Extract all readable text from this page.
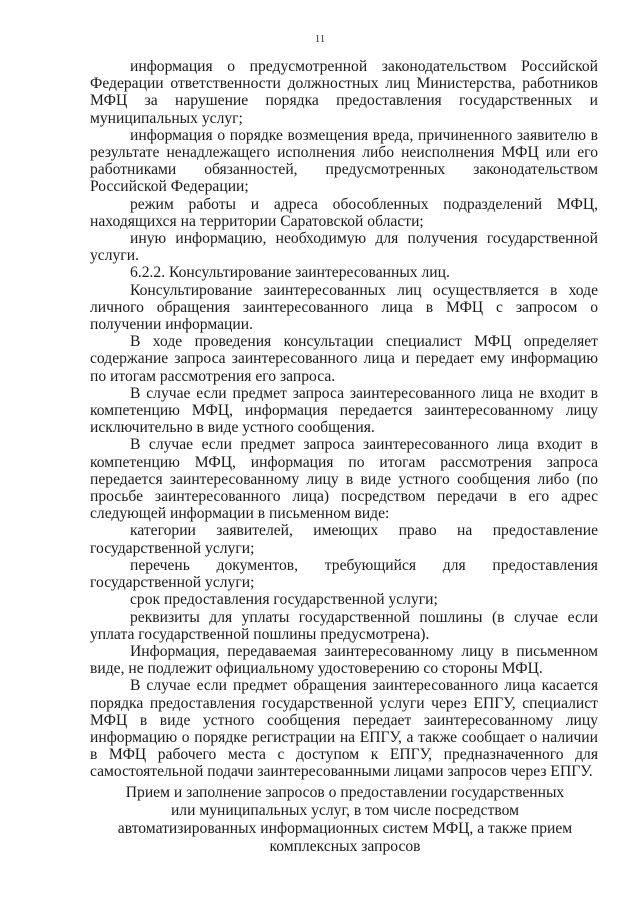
11

информация о предусмотренной законодательством Российской Федерации ответственности должностных лиц Министерства, работников МФЦ за нарушение порядка предоставления государственных и муниципальных услуг;

информация о порядке возмещения вреда, причиненного заявителю в результате ненадлежащего исполнения либо неисполнения МФЦ или его работниками обязанностей, предусмотренных законодательством Российской Федерации;

режим работы и адреса обособленных подразделений МФЦ, находящихся на территории Саратовской области;

иную информацию, необходимую для получения государственной услуги.

6.2.2. Консультирование заинтересованных лиц.

Консультирование заинтересованных лиц осуществляется в ходе личного обращения заинтересованного лица в МФЦ с запросом о получении информации.

В ходе проведения консультации специалист МФЦ определяет содержание запроса заинтересованного лица и передает ему информацию по итогам рассмотрения его запроса.

В случае если предмет запроса заинтересованного лица не входит в компетенцию МФЦ, информация передается заинтересованному лицу исключительно в виде устного сообщения.

В случае если предмет запроса заинтересованного лица входит в компетенцию МФЦ, информация по итогам рассмотрения запроса передается заинтересованному лицу в виде устного сообщения либо (по просьбе заинтересованного лица) посредством передачи в его адрес следующей информации в письменном виде:

категории заявителей, имеющих право на предоставление государственной услуги;

перечень документов, требующийся для предоставления государственной услуги;

срок предоставления государственной услуги;

реквизиты для уплаты государственной пошлины (в случае если уплата государственной пошлины предусмотрена).

Информация, передаваемая заинтересованному лицу в письменном виде, не подлежит официальному удостоверению со стороны МФЦ.

В случае если предмет обращения заинтересованного лица касается порядка предоставления государственной услуги через ЕПГУ, специалист МФЦ в виде устного сообщения передает заинтересованному лицу информацию о порядке регистрации на ЕПГУ, а также сообщает о наличии в МФЦ рабочего места с доступом к ЕПГУ, предназначенного для самостоятельной подачи заинтересованными лицами запросов через ЕПГУ.

Прием и заполнение запросов о предоставлении государственных или муниципальных услуг, в том числе посредством автоматизированных информационных систем МФЦ, а также прием комплексных запросов
